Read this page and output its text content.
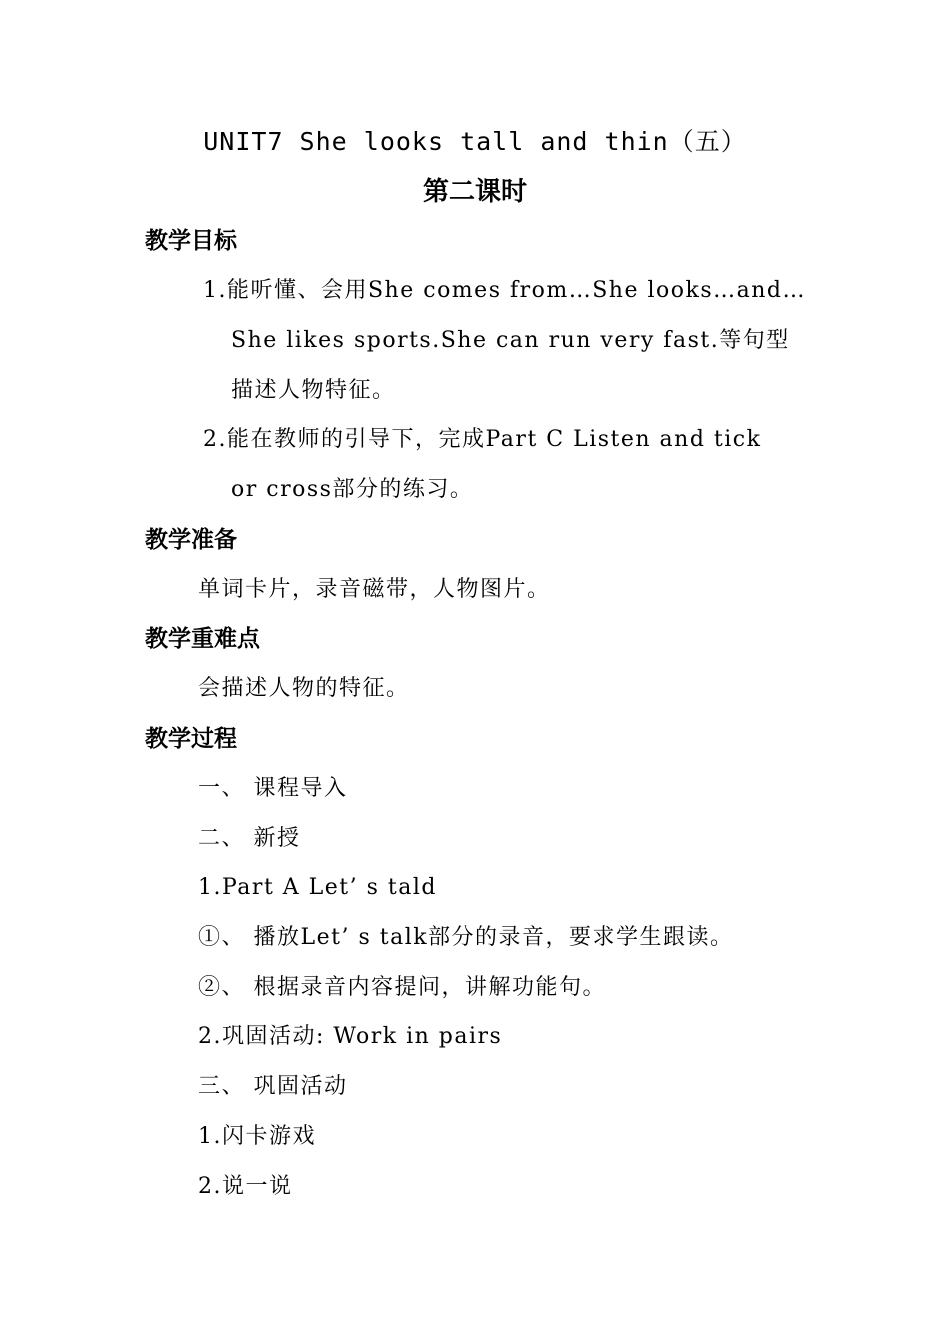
UNIT7 She looks tall and thin（五）
第二课时
教学目标
1.能听懂、会用She comes from…She looks…and…
She likes sports.She can run very fast.等句型
描述人物特征。
2.能在教师的引导下，完成Part C Listen and tick
or cross部分的练习。
教学准备
单词卡片，录音磁带，人物图片。
教学重难点
会描述人物的特征。
教学过程
一、 课程导入
二、 新授
1.Part A Let’ s tald
①、 播放Let’ s talk部分的录音，要求学生跟读。
②、 根据录音内容提问，讲解功能句。
2.巩固活动: Work in pairs
三、 巩固活动
1.闪卡游戏
2.说一说
